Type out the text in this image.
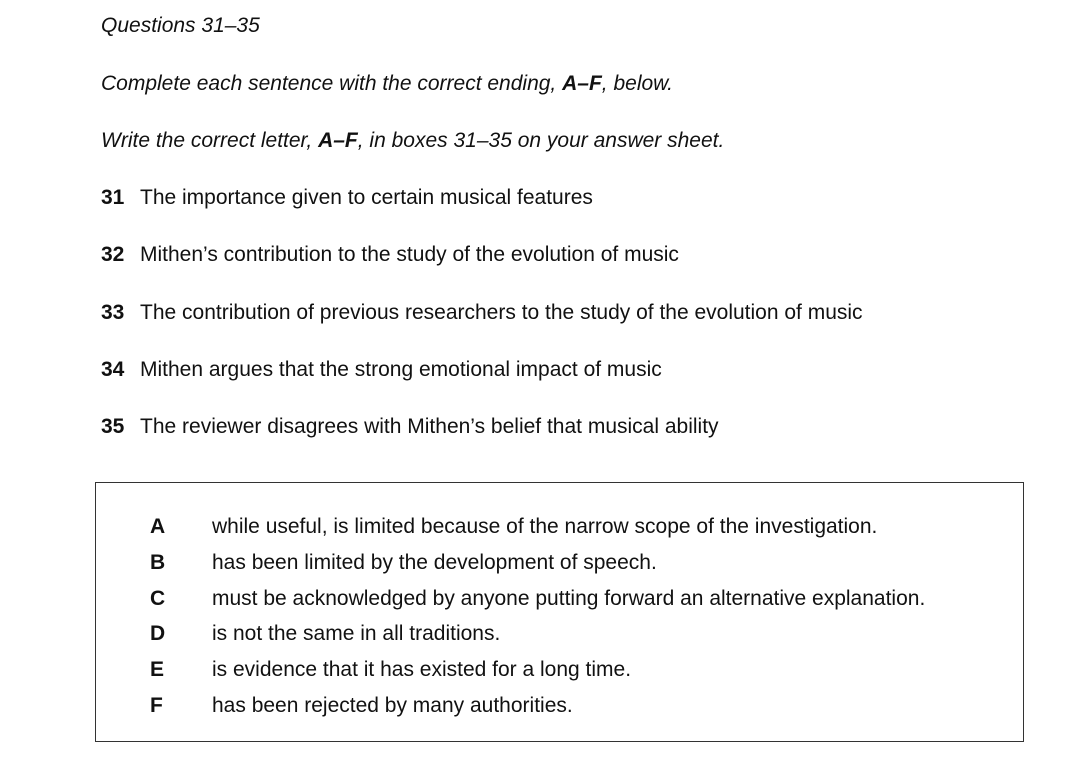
Questions 31–35
Complete each sentence with the correct ending, A–F, below.
Write the correct letter, A–F, in boxes 31–35 on your answer sheet.
31 The importance given to certain musical features
32 Mithen’s contribution to the study of the evolution of music
33 The contribution of previous researchers to the study of the evolution of music
34 Mithen argues that the strong emotional impact of music
35 The reviewer disagrees with Mithen’s belief that musical ability
A while useful, is limited because of the narrow scope of the investigation.
B has been limited by the development of speech.
C must be acknowledged by anyone putting forward an alternative explanation.
D is not the same in all traditions.
E is evidence that it has existed for a long time.
F has been rejected by many authorities.
